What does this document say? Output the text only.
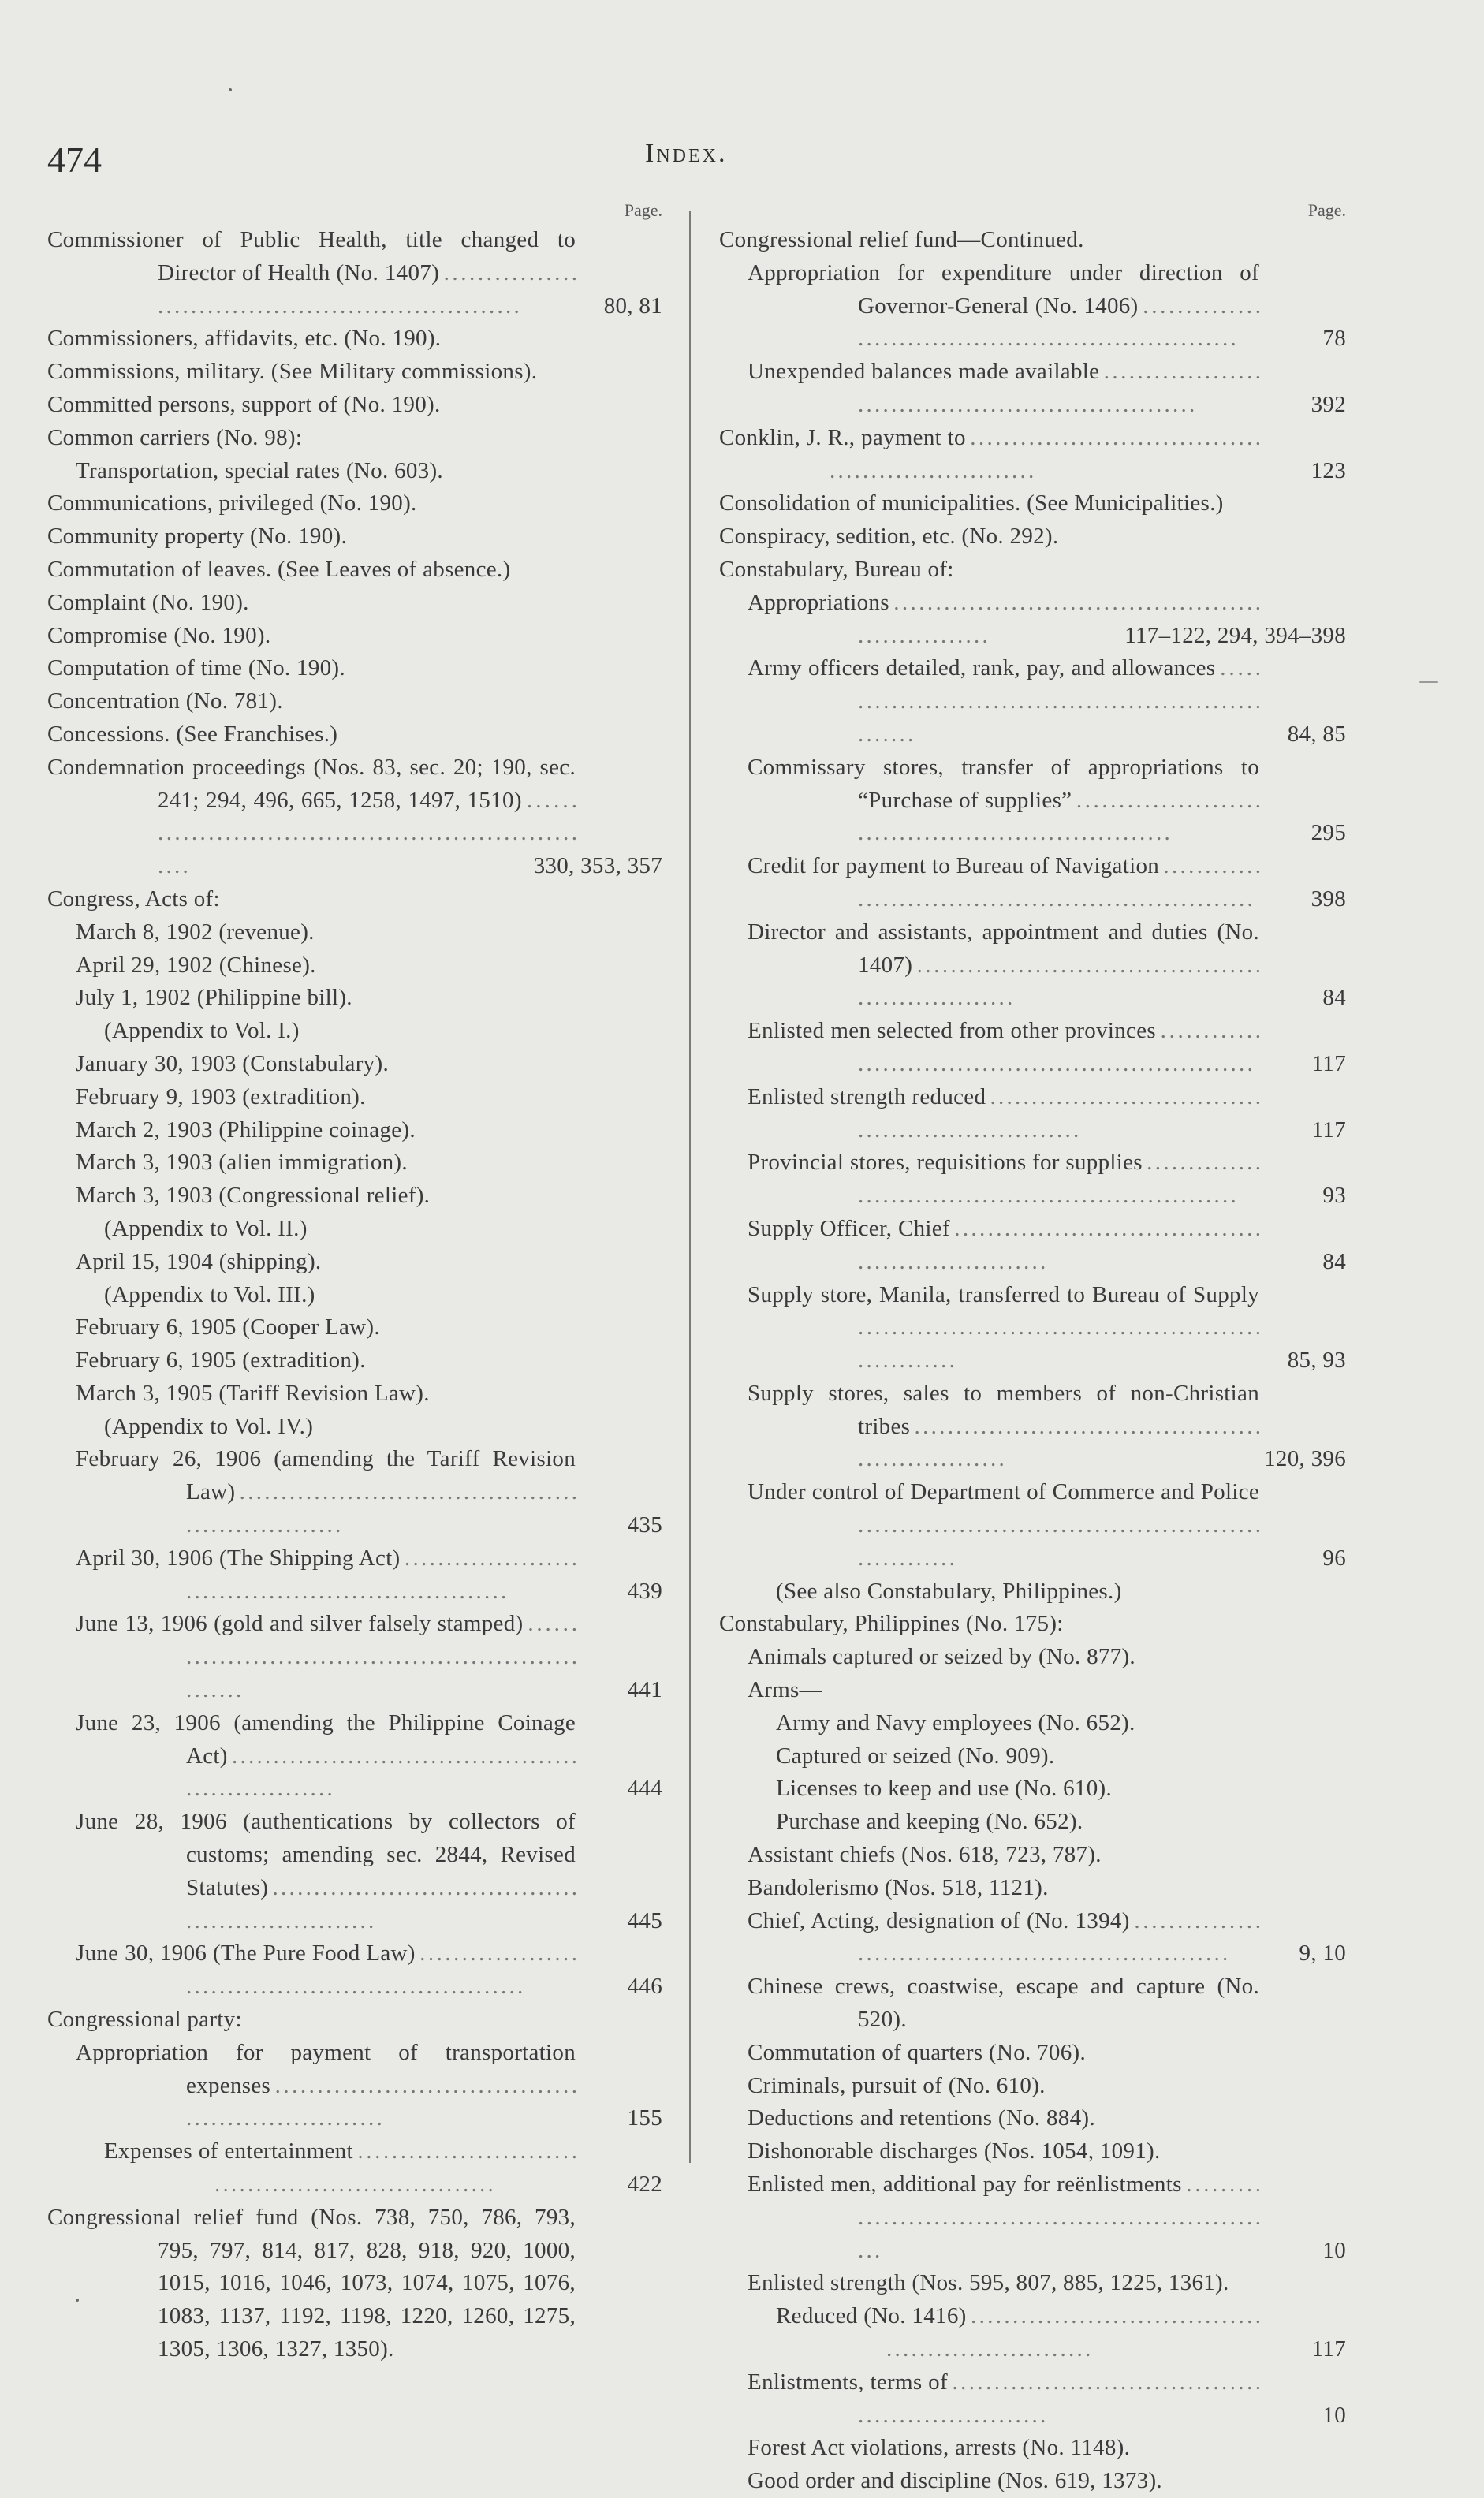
474	Index.
Page.
Commissioner of Public Health, title changed to Director of Health (No. 1407) . . .
80, 81
Commissioners, affidavits, etc. (No. 190).
Commissions, military. (See Military commissions).
Committed persons, support of (No. 190).
Common carriers (No. 98):
Transportation, special rates (No. 603).
Communications, privileged (No. 190).
Community property (No. 190).
Commutation of leaves. (See Leaves of absence.)
Complaint (No. 190).
Compromise (No. 190).
Computation of time (No. 190).
Concentration (No. 781).
Concessions. (See Franchises.)
Condemnation proceedings (Nos. 83, sec. 20; 190, sec. 241; 294, 496, 665, 1258, 1497, 1510) . . .
330, 353, 357
Congress, Acts of:
March 8, 1902 (revenue).
April 29, 1902 (Chinese).
July 1, 1902 (Philippine bill).
(Appendix to Vol. I.)
January 30, 1903 (Constabulary).
February 9, 1903 (extradition).
March 2, 1903 (Philippine coinage).
March 3, 1903 (alien immigration).
March 3, 1903 (Congressional relief).
(Appendix to Vol. II.)
April 15, 1904 (shipping).
(Appendix to Vol. III.)
February 6, 1905 (Cooper Law).
February 6, 1905 (extradition).
March 3, 1905 (Tariff Revision Law).
(Appendix to Vol. IV.)
February 26, 1906 (amending the Tariff Revision Law) . . .
435
April 30, 1906 (The Shipping Act) . . .
439
June 13, 1906 (gold and silver falsely stamped) . . .
441
June 23, 1906 (amending the Philippine Coinage Act) . . .
444
June 28, 1906 (authentications by collectors of customs; amending sec. 2844, Revised Statutes) . . .
445
June 30, 1906 (The Pure Food Law) . . .
446
Congressional party:
Appropriation for payment of transportation expenses . . .
155
Expenses of entertainment . . .
422
Congressional relief fund (Nos. 738, 750, 786, 793, 795, 797, 814, 817, 828, 918, 920, 1000, 1015, 1016, 1046, 1073, 1074, 1075, 1076, 1083, 1137, 1192, 1198, 1220, 1260, 1275, 1305, 1306, 1327, 1350).
Page.
Congressional relief fund—Continued.
Appropriation for expenditure under direction of Governor-General (No. 1406) . . .
78
Unexpended balances made available . . .
392
Conklin, J. R., payment to . . .
123
Consolidation of municipalities. (See Municipalities.)
Conspiracy, sedition, etc. (No. 292).
Constabulary, Bureau of:
Appropriations . . .
117–122, 294, 394–398
Army officers detailed, rank, pay, and allowances . . .
84, 85
Commissary stores, transfer of appropriations to “Purchase of supplies” . . .
295
Credit for payment to Bureau of Navigation . . .
398
Director and assistants, appointment and duties (No. 1407) . . .
84
Enlisted men selected from other provinces . . .
117
Enlisted strength reduced . . .
117
Provincial stores, requisitions for supplies . . .
93
Supply Officer, Chief . . .
84
Supply store, Manila, transferred to Bureau of Supply . . .
85, 93
Supply stores, sales to members of non-Christian tribes . . .
120, 396
Under control of Department of Commerce and Police . . .
96
(See also Constabulary, Philippines.)
Constabulary, Philippines (No. 175):
Animals captured or seized by (No. 877).
Arms—
Army and Navy employees (No. 652).
Captured or seized (No. 909).
Licenses to keep and use (No. 610).
Purchase and keeping (No. 652).
Assistant chiefs (Nos. 618, 723, 787).
Bandolerismo (Nos. 518, 1121).
Chief, Acting, designation of (No. 1394) . . .
9, 10
Chinese crews, coastwise, escape and capture (No. 520).
Commutation of quarters (No. 706).
Criminals, pursuit of (No. 610).
Deductions and retentions (No. 884).
Dishonorable discharges (Nos. 1054, 1091).
Enlisted men, additional pay for reënlistments . . .
10
Enlisted strength (Nos. 595, 807, 885, 1225, 1361).
Reduced (No. 1416) . . .
117
Enlistments, terms of . . .
10
Forest Act violations, arrests (No. 1148).
Good order and discipline (Nos. 619, 1373).
